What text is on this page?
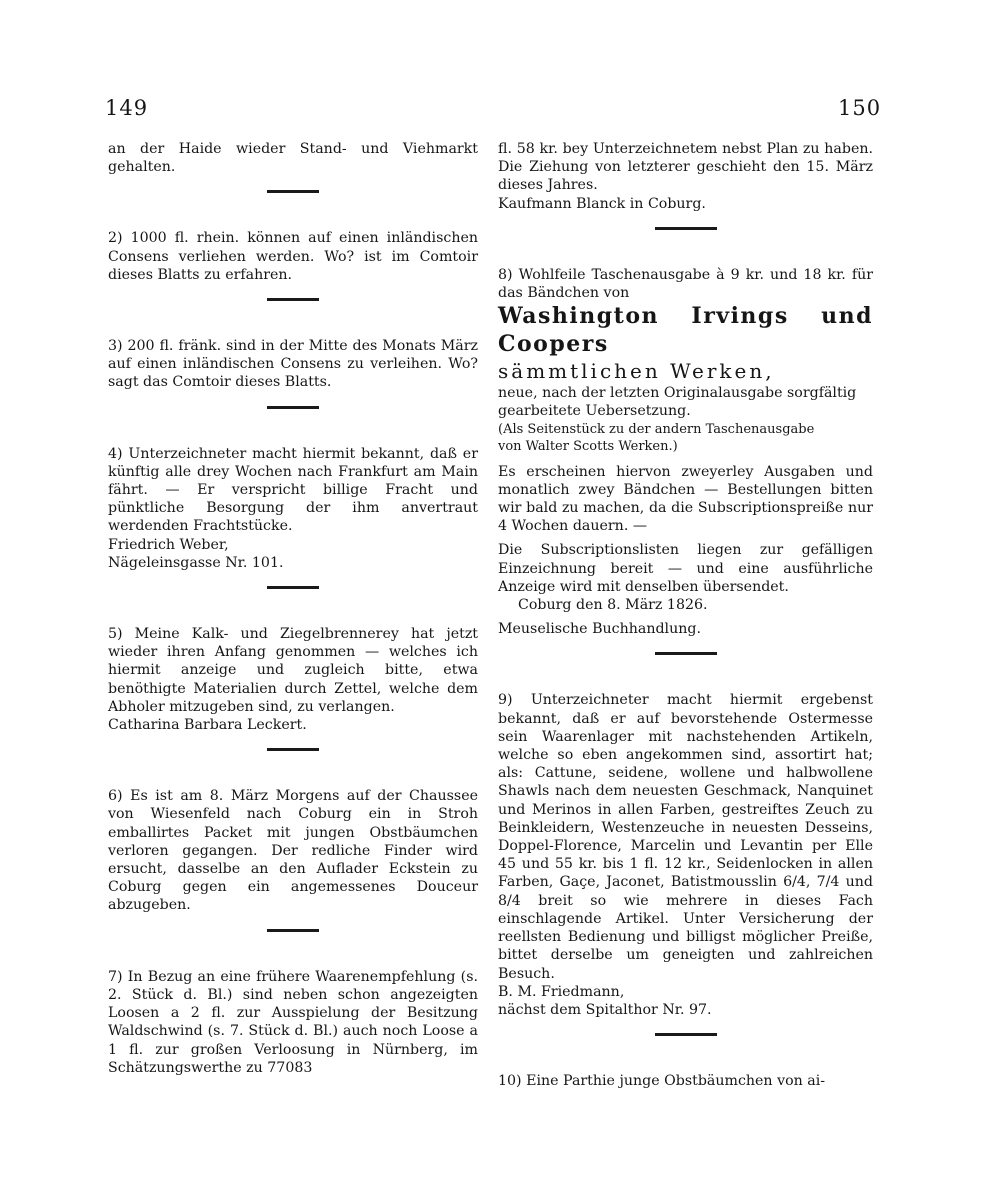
149	150

an der Haide wieder Stand- und Viehmarkt gehalten.

2) 1000 fl. rhein. können auf einen inländischen Consens verliehen werden. Wo? ist im Comtoir dieses Blatts zu erfahren.

3) 200 fl. fränk. sind in der Mitte des Monats März auf einen inländischen Consens zu verleihen. Wo? sagt das Comtoir dieses Blatts.

4) Unterzeichneter macht hiermit bekannt, daß er künftig alle drey Wochen nach Frankfurt am Main fährt. — Er verspricht billige Fracht und pünktliche Besorgung der ihm anvertraut werdenden Frachtstücke.

Friedrich Weber,

Nägeleinsgasse Nr. 101.

5) Meine Kalk- und Ziegelbrennerey hat jetzt wieder ihren Anfang genommen — welches ich hiermit anzeige und zugleich bitte, etwa benöthigte Materialien durch Zettel, welche dem Abholer mitzugeben sind, zu verlangen.

Catharina Barbara Leckert.

6) Es ist am 8. März Morgens auf der Chaussee von Wiesenfeld nach Coburg ein in Stroh emballirtes Packet mit jungen Obstbäumchen verloren gegangen. Der redliche Finder wird ersucht, dasselbe an den Auflader Eckstein zu Coburg gegen ein angemessenes Douceur abzugeben.

7) In Bezug an eine frühere Waarenempfehlung (s. 2. Stück d. Bl.) sind neben schon angezeigten Loosen a 2 fl. zur Ausspielung der Besitzung Waldschwind (s. 7. Stück d. Bl.) auch noch Loose a 1 fl. zur großen Verloosung in Nürnberg, im Schätzungswerthe zu 77083

fl. 58 kr. bey Unterzeichnetem nebst Plan zu haben. Die Ziehung von letzterer geschieht den 15. März dieses Jahres.

Kaufmann Blanck in Coburg.

8) Wohlfeile Taschenausgabe à 9 kr. und 18 kr. für das Bändchen von

Washington Irvings und Coopers

sämmtlichen Werken,

neue, nach der letzten Originalausgabe sorgfältig

gearbeitete Uebersetzung.

(Als Seitenstück zu der andern Taschenausgabe

von Walter Scotts Werken.)

Es erscheinen hiervon zweyerley Ausgaben und monatlich zwey Bändchen — Bestellungen bitten wir bald zu machen, da die Subscriptionspreiße nur 4 Wochen dauern. —

Die Subscriptionslisten liegen zur gefälligen Einzeichnung bereit — und eine ausführliche Anzeige wird mit denselben übersendet.

Coburg den 8. März 1826.

Meuselische Buchhandlung.

9) Unterzeichneter macht hiermit ergebenst bekannt, daß er auf bevorstehende Ostermesse sein Waarenlager mit nachstehenden Artikeln, welche so eben angekommen sind, assortirt hat; als: Cattune, seidene, wollene und halbwollene Shawls nach dem neuesten Geschmack, Nanquinet und Merinos in allen Farben, gestreiftes Zeuch zu Beinkleidern, Westenzeuche in neuesten Desseins, Doppel-Florence, Marcelin und Levantin per Elle 45 und 55 kr. bis 1 fl. 12 kr., Seidenlocken in allen Farben, Gaçe, Jaconet, Batistmousslin 6/4, 7/4 und 8/4 breit so wie mehrere in dieses Fach einschlagende Artikel. Unter Versicherung der reellsten Bedienung und billigst möglicher Preiße, bittet derselbe um geneigten und zahlreichen Besuch.

B. M. Friedmann,

nächst dem Spitalthor Nr. 97.

10) Eine Parthie junge Obstbäumchen von ai-
